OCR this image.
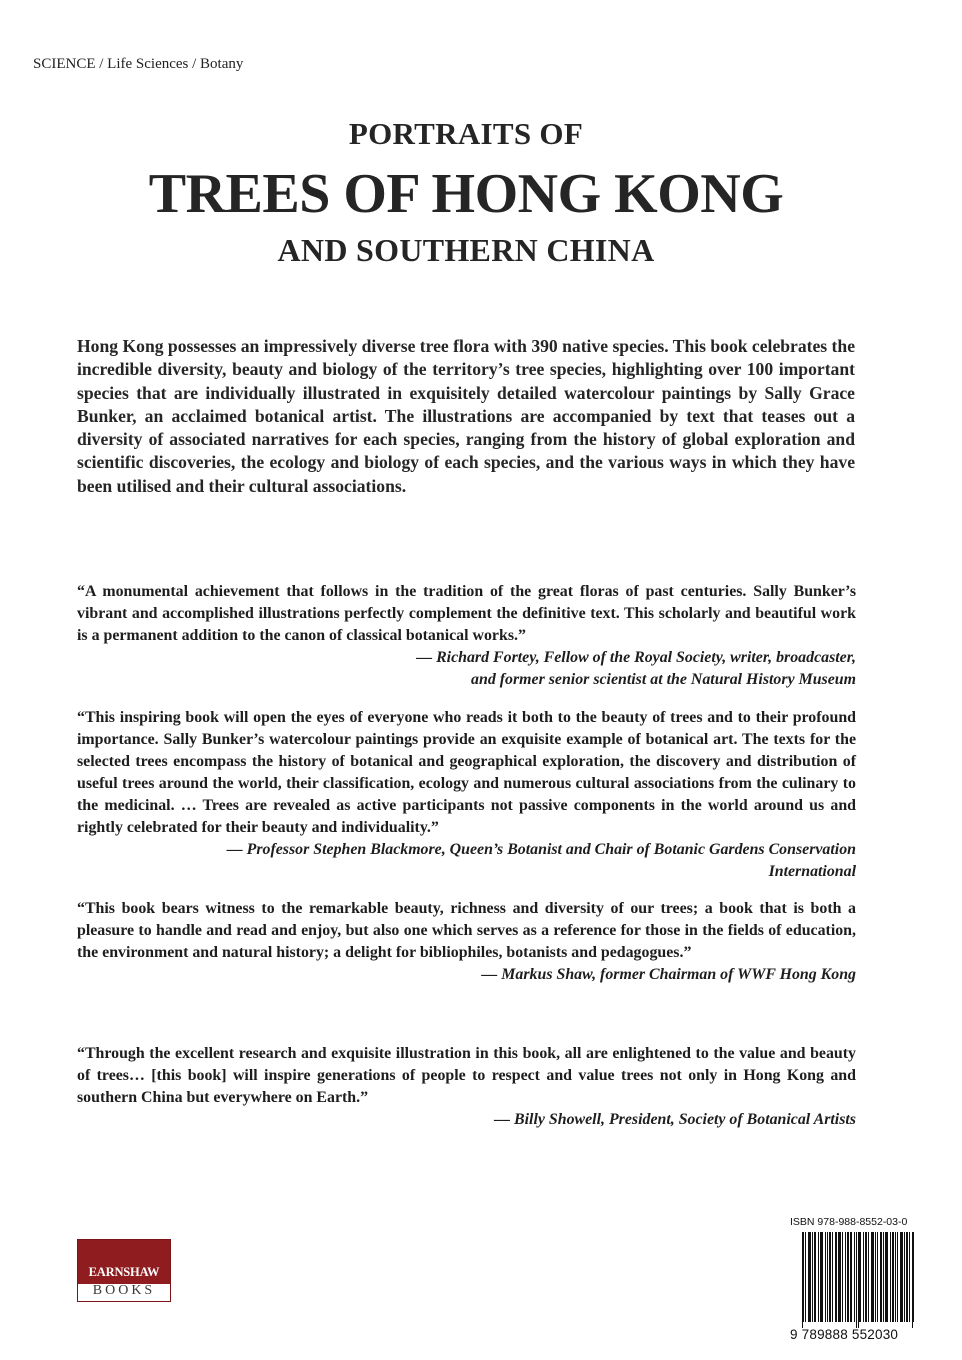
SCIENCE / Life Sciences / Botany
PORTRAITS OF
TREES OF HONG KONG
AND SOUTHERN CHINA
Hong Kong possesses an impressively diverse tree flora with 390 native species. This book celebrates the incredible diversity, beauty and biology of the territory’s tree species, highlighting over 100 important species that are individually illustrated in exquisitely detailed watercolour paintings by Sally Grace Bunker, an acclaimed botanical artist. The illustrations are accompanied by text that teases out a diversity of associated narratives for each species, ranging from the history of global exploration and scientific discoveries, the ecology and biology of each species, and the various ways in which they have been utilised and their cultural associations.
“A monumental achievement that follows in the tradition of the great floras of past centuries. Sally Bunker’s vibrant and accomplished illustrations perfectly complement the definitive text. This scholarly and beautiful work is a permanent addition to the canon of classical botanical works.”
— Richard Fortey, Fellow of the Royal Society, writer, broadcaster,
and former senior scientist at the Natural History Museum
“This inspiring book will open the eyes of everyone who reads it both to the beauty of trees and to their profound importance. Sally Bunker’s watercolour paintings provide an exquisite example of botanical art. The texts for the selected trees encompass the history of botanical and geographical exploration, the discovery and distribution of useful trees around the world, their classification, ecology and numerous cultural associations from the culinary to the medicinal. … Trees are revealed as active participants not passive components in the world around us and rightly celebrated for their beauty and individuality.”
— Professor Stephen Blackmore, Queen’s Botanist and Chair of Botanic Gardens Conservation
International
“This book bears witness to the remarkable beauty, richness and diversity of our trees; a book that is both a pleasure to handle and read and enjoy, but also one which serves as a reference for those in the fields of education, the environment and natural history; a delight for bibliophiles, botanists and pedagogues.”
— Markus Shaw, former Chairman of WWF Hong Kong
“Through the excellent research and exquisite illustration in this book, all are enlightened to the value and beauty of trees… [this book] will inspire generations of people to respect and value trees not only in Hong Kong and southern China but everywhere on Earth.”
— Billy Showell, President, Society of Botanical Artists
EARNSHAW
BOOKS
ISBN 978-988-8552-03-0
9 789888 552030
